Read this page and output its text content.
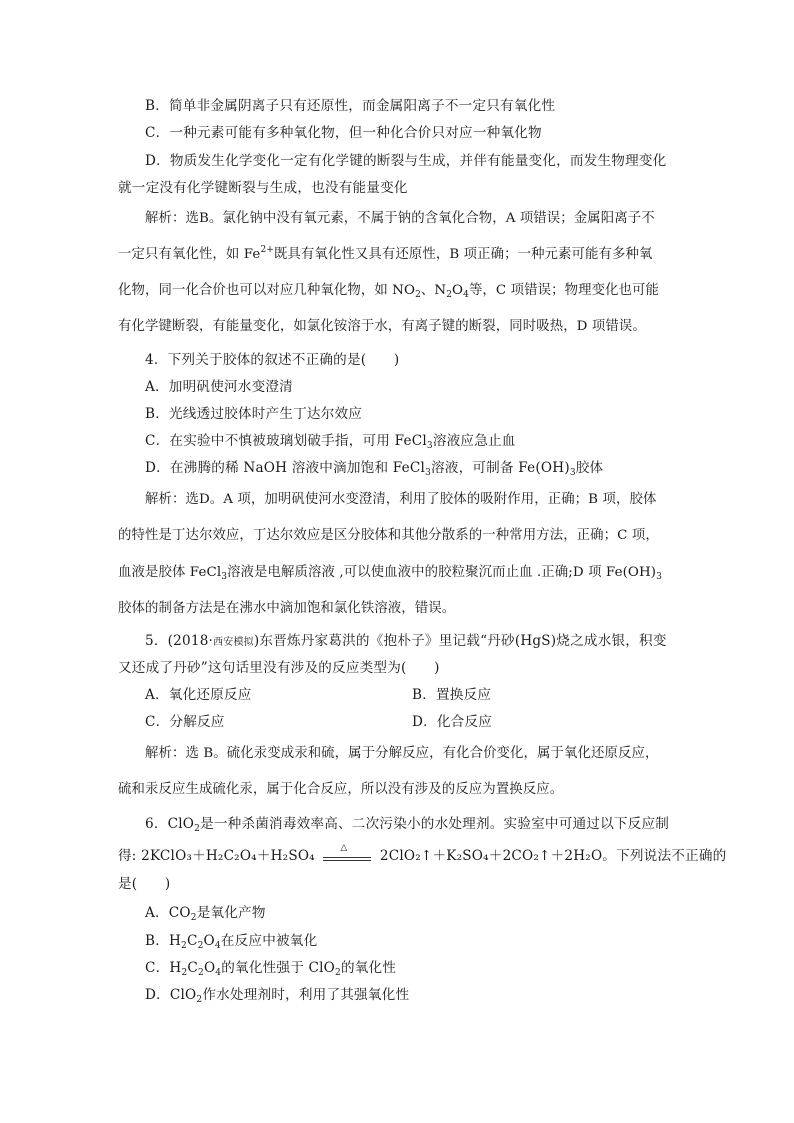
B．简单非金属阴离子只有还原性，而金属阳离子不一定只有氧化性
C．一种元素可能有多种氧化物，但一种化合价只对应一种氧化物
D．物质发生化学变化一定有化学键的断裂与生成，并伴有能量变化，而发生物理变化
就一定没有化学键断裂与生成，也没有能量变化
解析：选B。氯化钠中没有氧元素，不属于钠的含氧化合物，A 项错误；金属阳离子不
一定只有氧化性，如 $Fe^{2+}$既具有氧化性又具有还原性，B 项正确；一种元素可能有多种氧
化物，同一化合价也可以对应几种氧化物，如 $NO_2$、$N_2O_4$等，C 项错误；物理变化也可能
有化学键断裂，有能量变化，如氯化铵溶于水，有离子键的断裂，同时吸热，D 项错误。
4．下列关于胶体的叙述不正确的是(　　)
A．加明矾使河水变澄清
B．光线透过胶体时产生丁达尔效应
C．在实验中不慎被玻璃划破手指，可用 FeCl$_3$溶液应急止血
D．在沸腾的稀 NaOH 溶液中滴加饱和 FeCl$_3$溶液，可制备 $Fe(OH)_3$胶体
解析：选D。A 项，加明矾使河水变澄清，利用了胶体的吸附作用，正确；B 项，胶体
的特性是丁达尔效应，丁达尔效应是区分胶体和其他分散系的一种常用方法，正确；C 项，
血液是胶体 FeCl$_3$溶液是电解质溶液 ,可以使血液中的胶粒聚沉而止血 .正确;D 项 $Fe(OH)_3$
胶体的制备方法是在沸水中滴加饱和氯化铁溶液，错误。
5．(2018·西安模拟)东晋炼丹家葛洪的《抱朴子》里记载“丹砂(HgS)烧之成水银，积变
又还成了丹砂”这句话里没有涉及的反应类型为(　　)
A．氧化还原反应	B．置换反应
C．分解反应	D．化合反应
解析：选 B。硫化汞变成汞和硫，属于分解反应，有化合价变化，属于氧化还原反应，
硫和汞反应生成硫化汞，属于化合反应，所以没有涉及的反应为置换反应。
6．ClO$_2$是一种杀菌消毒效率高、二次污染小的水处理剂。实验室中可通过以下反应制
得: 2KClO₃＋H₂C₂O₄＋H₂SO₄
△
2ClO₂↑＋K₂SO₄＋2CO₂↑＋2H₂O。下列说法不正确的
是(　　)
A．$CO_2$是氧化产物
B．$H_2C_2O_4$在反应中被氧化
C．$H_2C_2O_4$的氧化性强于 ClO$_2$的氧化性
D．ClO$_2$作水处理剂时，利用了其强氧化性
